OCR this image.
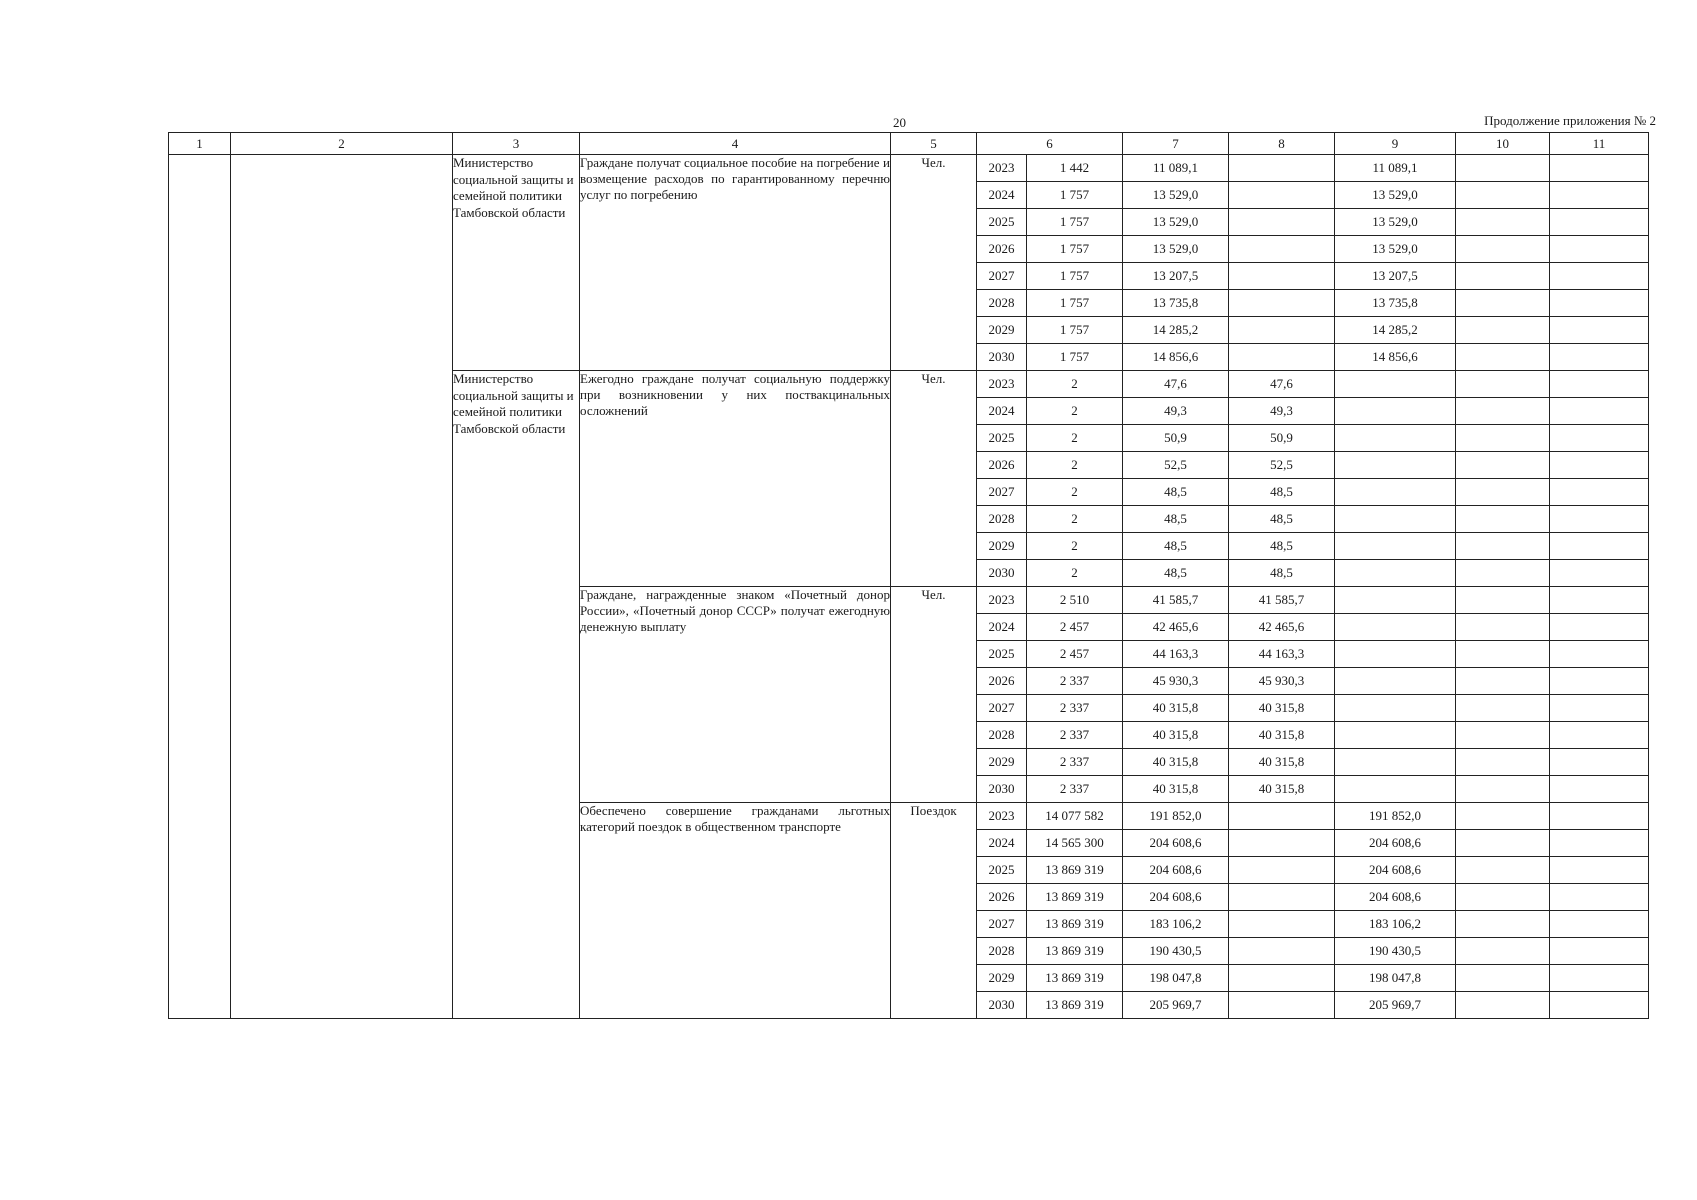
20	Продолжение приложения № 2
1	2	3	4	5	6		7	8	9	10	11
		Министерство социальной защиты и семейной политики Тамбовской области	Граждане получат социальное пособие на погребение и возмещение расходов по гарантированному перечню услуг по погребению	Чел.	2023	1 442	11 089,1		11 089,1		
					2024	1 757	13 529,0		13 529,0		
					2025	1 757	13 529,0		13 529,0		
					2026	1 757	13 529,0		13 529,0		
					2027	1 757	13 207,5		13 207,5		
					2028	1 757	13 735,8		13 735,8		
					2029	1 757	14 285,2		14 285,2		
					2030	1 757	14 856,6		14 856,6		
		Министерство социальной защиты и семейной политики Тамбовской области	Ежегодно граждане получат социальную поддержку при возникновении у них поствакцинальных осложнений	Чел.	2023	2	47,6	47,6			
					2024	2	49,3	49,3			
					2025	2	50,9	50,9			
					2026	2	52,5	52,5			
					2027	2	48,5	48,5			
					2028	2	48,5	48,5			
					2029	2	48,5	48,5			
					2030	2	48,5	48,5			
			Граждане, награжденные знаком «Почетный донор России», «Почетный донор СССР» получат ежегодную денежную выплату	Чел.	2023	2 510	41 585,7	41 585,7			
					2024	2 457	42 465,6	42 465,6			
					2025	2 457	44 163,3	44 163,3			
					2026	2 337	45 930,3	45 930,3			
					2027	2 337	40 315,8	40 315,8			
					2028	2 337	40 315,8	40 315,8			
					2029	2 337	40 315,8	40 315,8			
					2030	2 337	40 315,8	40 315,8			
			Обеспечено совершение гражданами льготных категорий поездок в общественном транспорте	Поездок	2023	14 077 582	191 852,0		191 852,0		
					2024	14 565 300	204 608,6		204 608,6		
					2025	13 869 319	204 608,6		204 608,6		
					2026	13 869 319	204 608,6		204 608,6		
					2027	13 869 319	183 106,2		183 106,2		
					2028	13 869 319	190 430,5		190 430,5		
					2029	13 869 319	198 047,8		198 047,8		
					2030	13 869 319	205 969,7		205 969,7		
